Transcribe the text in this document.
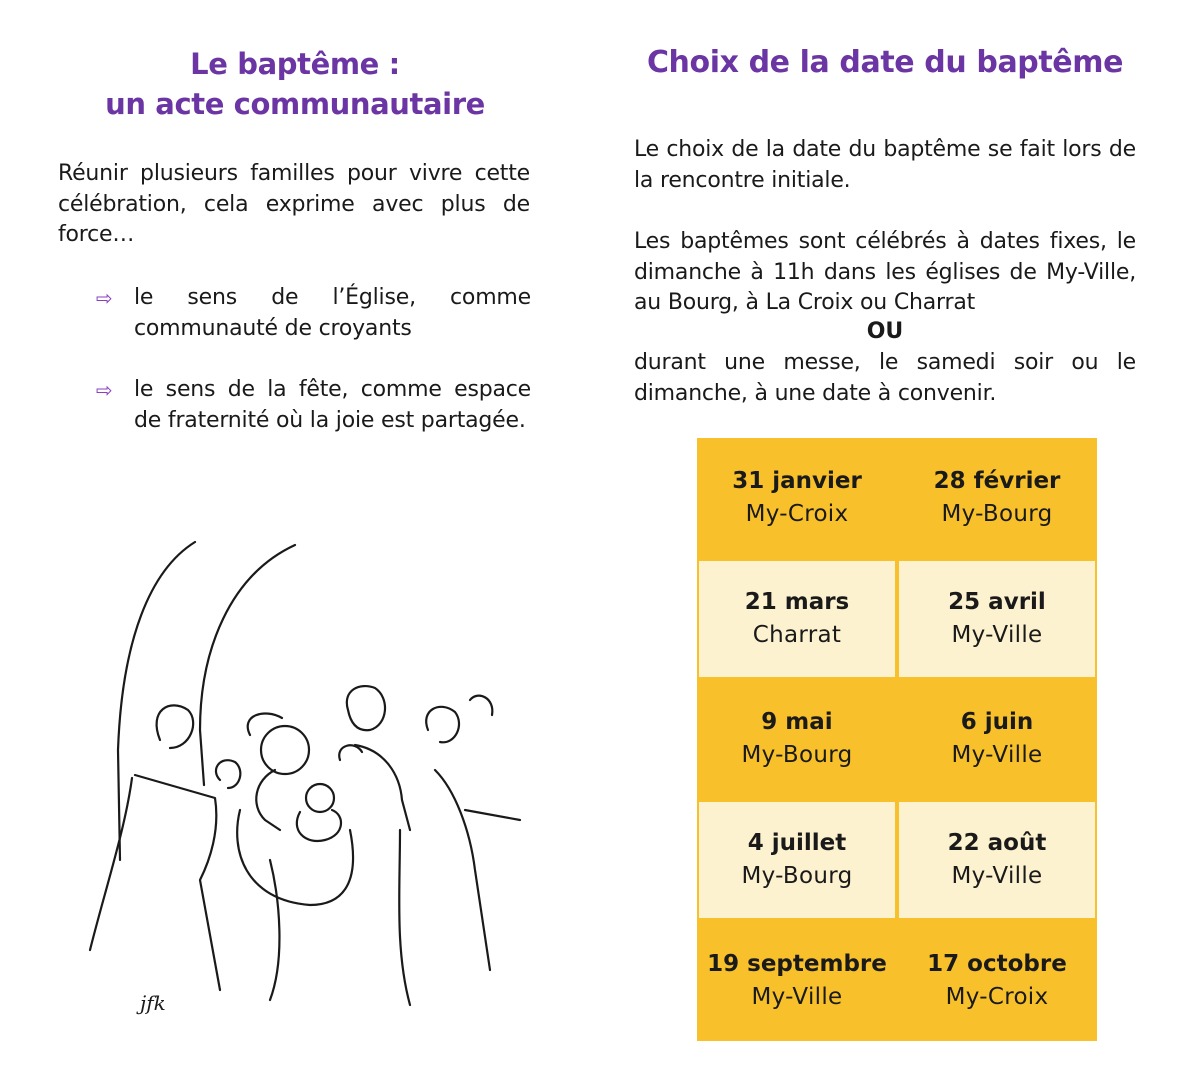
Le baptême :
un acte communautaire
Réunir plusieurs familles pour vivre cette célébration, cela exprime avec plus de force…
⇨ le sens de l’Église, comme communauté de croyants
⇨ le sens de la fête, comme espace de fraternité où la joie est partagée.
jfk
Choix de la date du baptême
Le choix de la date du baptême se fait lors de la rencontre initiale.
Les baptêmes sont célébrés à dates fixes, le dimanche à 11h dans les églises de My-Ville, au Bourg, à La Croix ou Charrat
OU
durant une messe, le samedi soir ou le dimanche, à une date à convenir.
31 janvier
My-Croix
28 février
My-Bourg
21 mars
Charrat
25 avril
My-Ville
9 mai
My-Bourg
6 juin
My-Ville
4 juillet
My-Bourg
22 août
My-Ville
19 septembre
My-Ville
17 octobre
My-Croix
